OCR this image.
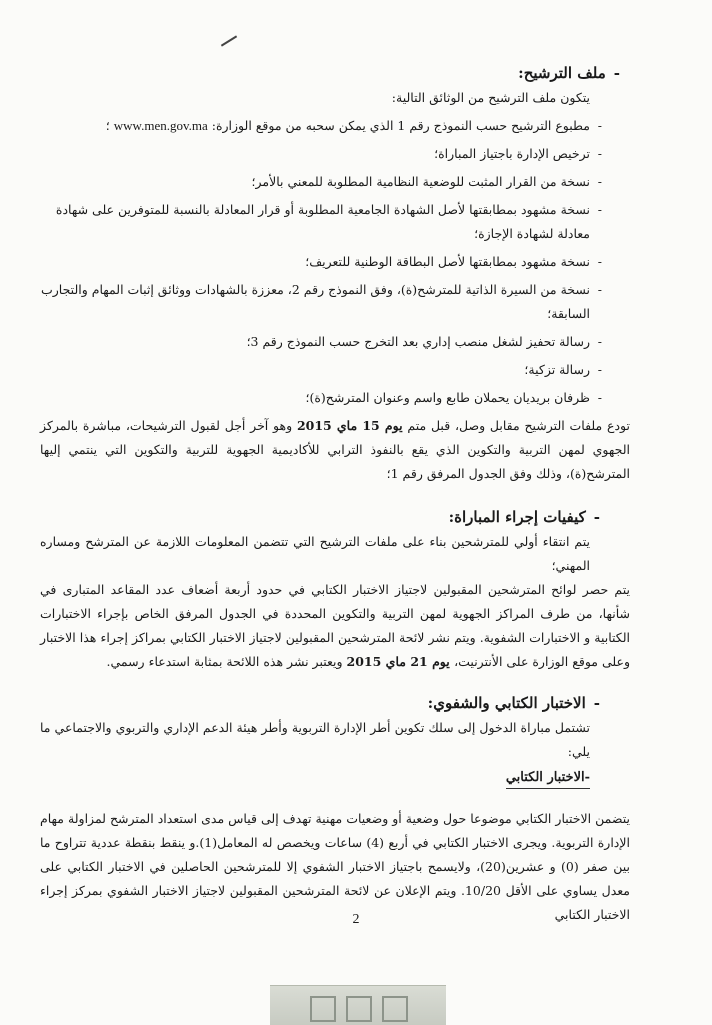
-
ملف الترشيح:
يتكون ملف الترشيح من الوثائق التالية:
- مطبوع الترشيح حسب النموذج رقم 1 الذي يمكن سحبه من موقع الوزارة: www.men.gov.ma ؛
- ترخيص الإدارة باجتياز المباراة؛
- نسخة من القرار المثبت للوضعية النظامية المطلوبة للمعني بالأمر؛
- نسخة مشهود بمطابقتها لأصل الشهادة الجامعية المطلوبة أو قرار المعادلة بالنسبة للمتوفرين على شهادة معادلة لشهادة الإجازة؛
- نسخة مشهود بمطابقتها لأصل البطاقة الوطنية للتعريف؛
- نسخة من السيرة الذاتية للمترشح(ة)، وفق النموذج رقم 2، معززة بالشهادات ووثائق إثبات المهام والتجارب السابقة؛
- رسالة تحفيز لشغل منصب إداري بعد التخرج حسب النموذج رقم 3؛
- رسالة تزكية؛
- ظرفان بريديان يحملان طابع واسم وعنوان المترشح(ة)؛
تودع ملفات الترشيح مقابل وصل، قبل متم يوم 15 ماي 2015 وهو آخر أجل لقبول الترشيحات، مباشرة بالمركز الجهوي لمهن التربية والتكوين الذي يقع بالنفوذ الترابي للأكاديمية الجهوية للتربية والتكوين التي ينتمي إليها المترشح(ة)، وذلك وفق الجدول المرفق رقم 1؛
-
كيفيات إجراء المباراة:
يتم انتقاء أولي للمترشحين بناء على ملفات الترشيح التي تتضمن المعلومات اللازمة عن المترشح ومساره المهني؛
يتم حصر لوائح المترشحين المقبولين لاجتياز الاختبار الكتابي في حدود أربعة أضعاف عدد المقاعد المتبارى في شأنها، من طرف المراكز الجهوية لمهن التربية والتكوين المحددة في الجدول المرفق الخاص بإجراء الاختبارات الكتابية و الاختبارات الشفوية. ويتم نشر لائحة المترشحين المقبولين لاجتياز الاختبار الكتابي بمراكز إجراء هذا الاختبار وعلى موقع الوزارة على الأنترنيت، يوم 21 ماي 2015 ويعتبر نشر هذه اللائحة بمثابة استدعاء رسمي.
-
الاختبار الكتابي والشفوي:
تشتمل مباراة الدخول إلى سلك تكوين أطر الإدارة التربوية وأطر هيئة الدعم الإداري والتربوي والاجتماعي ما يلي:
-الاختبار الكتابي
يتضمن الاختبار الكتابي موضوعا حول وضعية أو وضعيات مهنية تهدف إلى قياس مدى استعداد المترشح لمزاولة مهام الإدارة التربوية. ويجرى الاختبار الكتابي في أربع (4) ساعات ويخصص له المعامل(1).و ينقط بنقطة عددية تتراوح ما بين صفر (0) و عشرين(20)، ولايسمح باجتياز الاختبار الشفوي إلا للمترشحين الحاصلين في الاختبار الكتابي على معدل يساوي على الأقل 10/20. ويتم الإعلان عن لائحة المترشحين المقبولين لاجتياز الاختبار الشفوي بمركز إجراء الاختبار الكتابي
2
